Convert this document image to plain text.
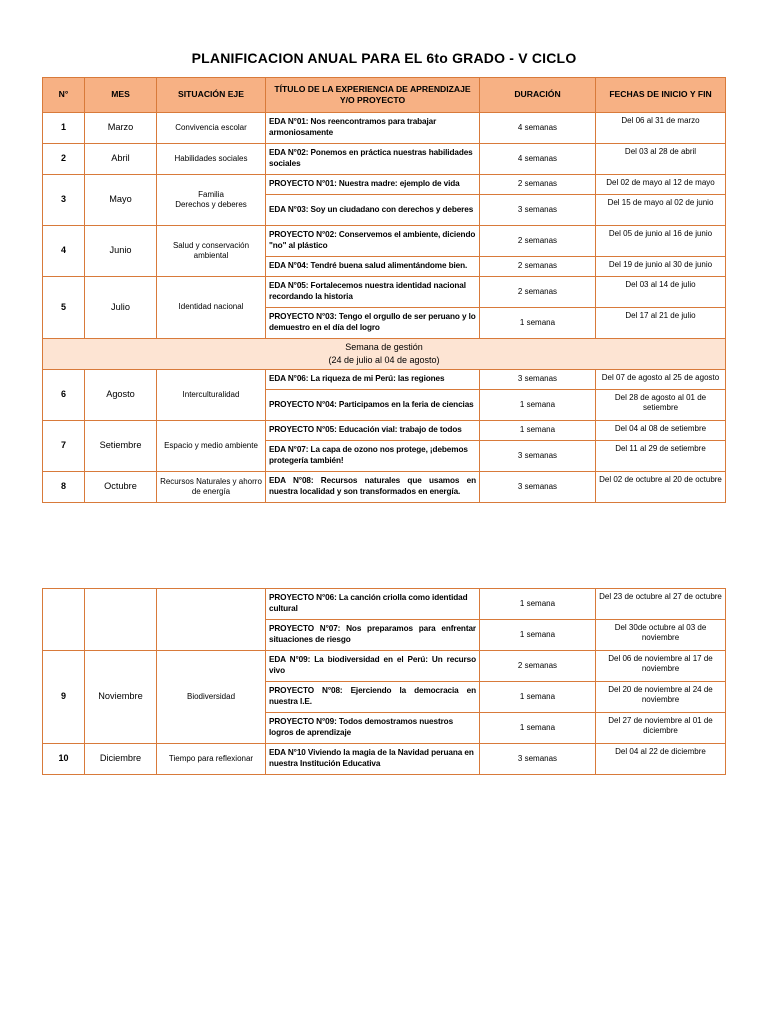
PLANIFICACION ANUAL PARA EL 6to GRADO - V CICLO
N°	MES	SITUACIÓN EJE	TÍTULO DE LA EXPERIENCIA DE APRENDIZAJE Y/O PROYECTO	DURACIÓN	FECHAS DE INICIO Y FIN
1	Marzo	Convivencia escolar	EDA N°01: Nos reencontramos para trabajar armoniosamente	4 semanas	Del 06 al 31 de marzo
2	Abril	Habilidades sociales	EDA N°02: Ponemos en práctica nuestras habilidades sociales	4 semanas	Del 03 al 28 de abril
3	Mayo	Familia
Derechos y deberes	PROYECTO N°01: Nuestra madre: ejemplo de vida	2 semanas	Del 02 de mayo al 12 de mayo
			EDA N°03: Soy un ciudadano con derechos y deberes	3 semanas	Del 15 de mayo al 02 de junio
4	Junio	Salud y conservación ambiental	PROYECTO N°02: Conservemos el ambiente, diciendo "no" al plástico	2 semanas	Del 05 de junio al 16 de junio
			EDA N°04: Tendré buena salud alimentándome bien.	2 semanas	Del 19 de junio al 30 de junio
5	Julio	Identidad nacional	EDA N°05: Fortalecemos nuestra identidad nacional recordando la historia	2 semanas	Del 03 al 14 de julio
			PROYECTO N°03: Tengo el orgullo de ser peruano y lo demuestro en el día del logro	1 semana	Del 17 al 21 de julio
Semana de gestión
(24 de julio al 04 de agosto)					
6	Agosto	Interculturalidad	EDA N°06: La riqueza de mi Perú: las regiones	3 semanas	Del 07 de agosto al 25 de agosto
			PROYECTO N°04: Participamos en la feria de ciencias	1 semana	Del 28 de agosto al 01 de setiembre
7	Setiembre	Espacio y medio ambiente	PROYECTO N°05: Educación vial: trabajo de todos	1 semana	Del 04 al 08 de setiembre
			EDA N°07: La capa de ozono nos protege, ¡debemos protegería también!	3 semanas	Del 11 al 29 de setiembre
8	Octubre	Recursos Naturales y ahorro de energía	EDA N°08: Recursos naturales que usamos en nuestra localidad y son transformados en energía.	3 semanas	Del 02 de octubre al 20 de octubre
			PROYECTO N°06: La canción criolla como identidad cultural	1 semana	Del 23 de octubre al 27 de octubre
			PROYECTO N°07: Nos preparamos para enfrentar situaciones de riesgo	1 semana	Del 30de octubre al 03 de noviembre
9	Noviembre	Biodiversidad	EDA N°09: La biodiversidad en el Perú: Un recurso vivo	2 semanas	Del 06 de noviembre al 17 de noviembre
			PROYECTO N°08: Ejerciendo la democracia en nuestra I.E.	1 semana	Del 20 de noviembre al 24 de noviembre
			PROYECTO N°09: Todos demostramos nuestros logros de aprendizaje	1 semana	Del 27 de noviembre al 01 de diciembre
10	Diciembre	Tiempo para reflexionar	EDA N°10 Viviendo la magia de la Navidad peruana en nuestra Institución Educativa	3 semanas	Del 04 al 22 de diciembre
